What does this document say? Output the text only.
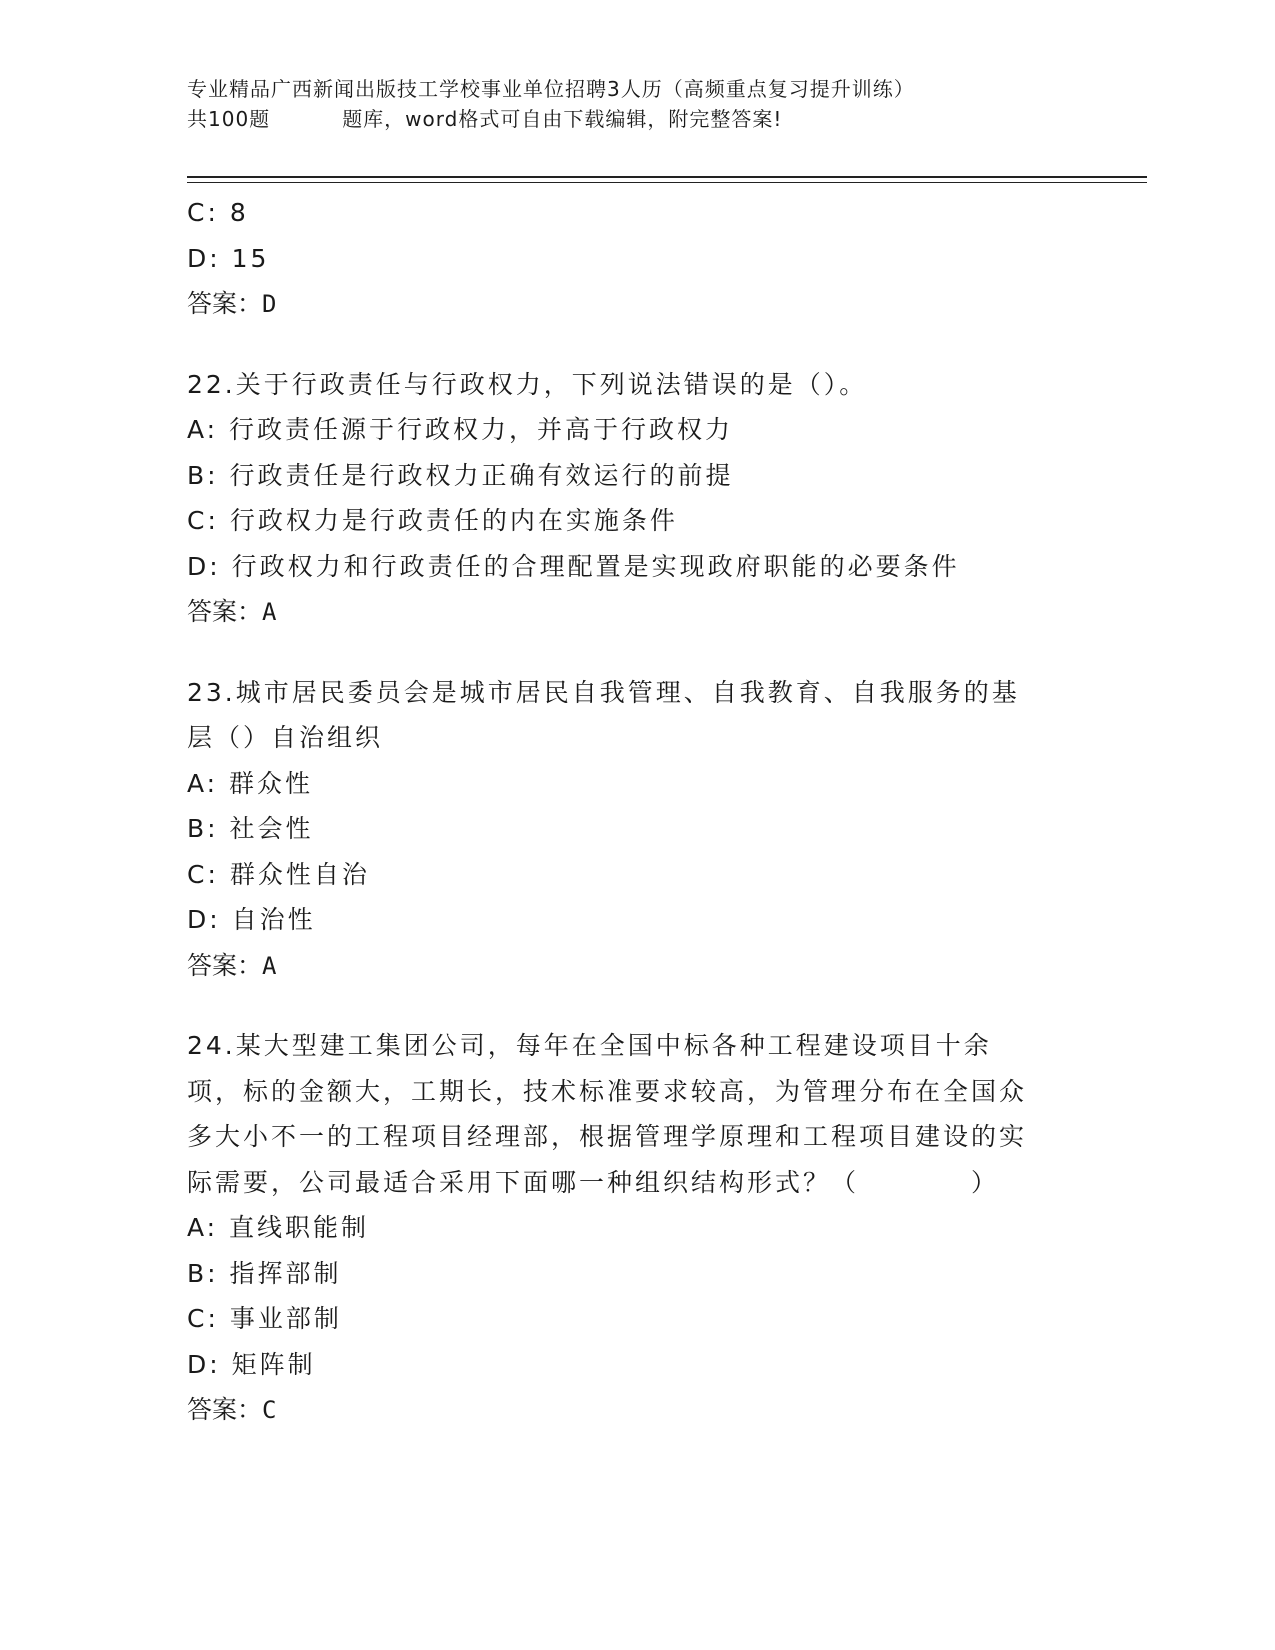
专业精品广西新闻出版技工学校事业单位招聘3人历（高频重点复习提升训练）
共100题	题库，word格式可自由下载编辑，附完整答案!
C: 8
D: 15
答案：D
22.关于行政责任与行政权力，下列说法错误的是（）。
A: 行政责任源于行政权力，并高于行政权力
B: 行政责任是行政权力正确有效运行的前提
C: 行政权力是行政责任的内在实施条件
D: 行政权力和行政责任的合理配置是实现政府职能的必要条件
答案：A
23.城市居民委员会是城市居民自我管理、自我教育、自我服务的基层（）自治组织
A: 群众性
B: 社会性
C: 群众性自治
D: 自治性
答案：A
24.某大型建工集团公司，每年在全国中标各种工程建设项目十余项，标的金额大，工期长，技术标准要求较高，为管理分布在全国众多大小不一的工程项目经理部，根据管理学原理和工程项目建设的实际需要，公司最适合采用下面哪一种组织结构形式？（　　　　）
A: 直线职能制
B: 指挥部制
C: 事业部制
D: 矩阵制
答案：C
